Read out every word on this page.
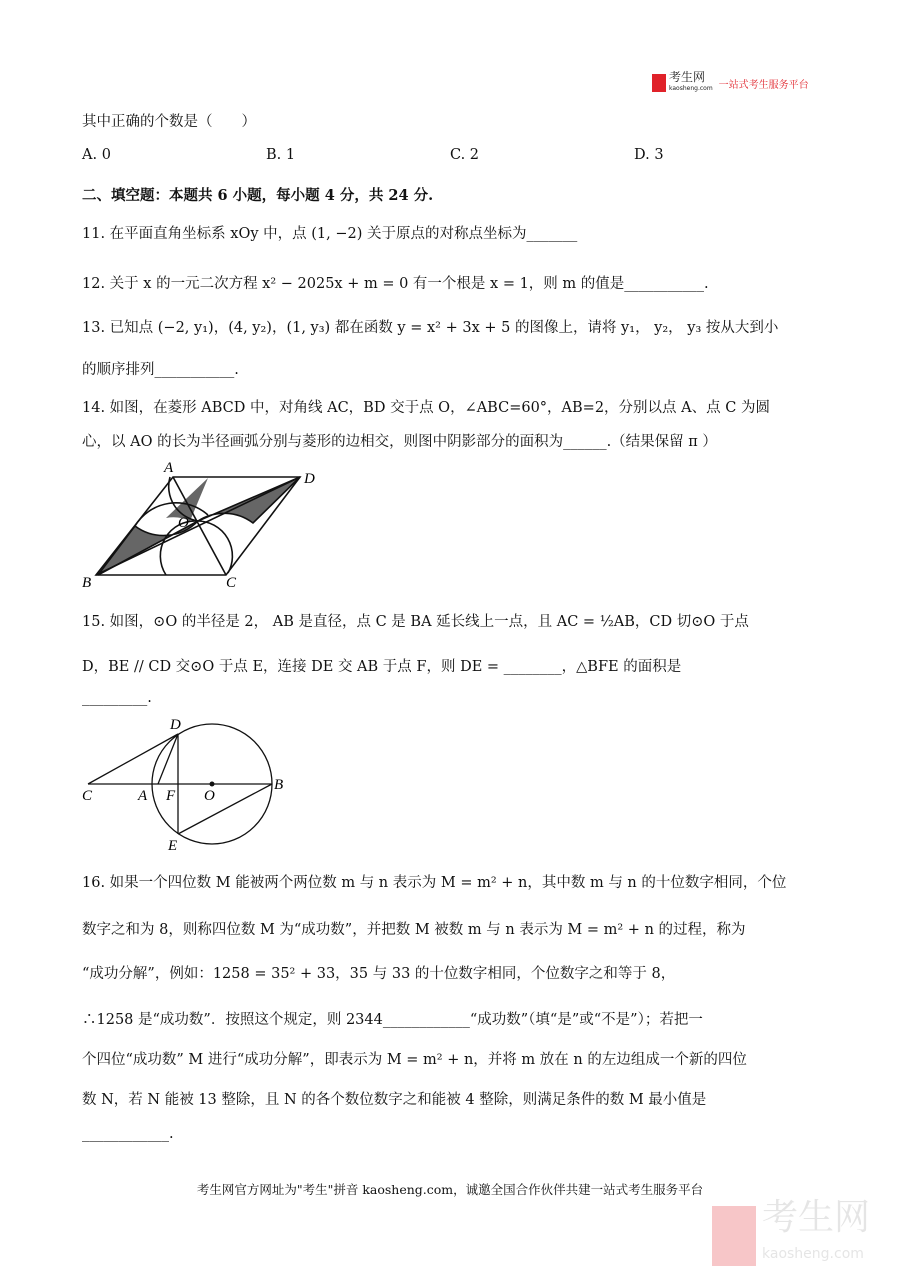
考生网
kaosheng.com 一站式考生服务平台
其中正确的个数是（　　）
A. 0	B. 1	C. 2	D. 3
二、填空题：本题共 6 小题，每小题 4 分，共 24 分.
11. 在平面直角坐标系 xOy 中，点 (1, −2) 关于原点的对称点坐标为_______
12. 关于 x 的一元二次方程 x² − 2025x + m = 0 有一个根是 x = 1，则 m 的值是___________.
13. 已知点 (−2, y₁)，(4, y₂)，(1, y₃) 都在函数 y = x² + 3x + 5 的图像上，请将 y₁， y₂， y₃ 按从大到小
的顺序排列___________.
14. 如图，在菱形 ABCD 中，对角线 AC，BD 交于点 O，∠ABC=60°，AB=2，分别以点 A、点 C 为圆
心，以 AO 的长为半径画弧分别与菱形的边相交，则图中阴影部分的面积为______.（结果保留 π ）
A
D
O
B	C
15. 如图，⊙O 的半径是 2， AB 是直径，点 C 是 BA 延长线上一点，且 AC = ½AB，CD 切⊙O 于点
D，BE // CD 交⊙O 于点 E，连接 DE 交 AB 于点 F，则 DE = ________，△BFE 的面积是
_________.
D
C	A F O
B
E
16. 如果一个四位数 M 能被两个两位数 m 与 n 表示为 M = m² + n，其中数 m 与 n 的十位数字相同，个位
数字之和为 8，则称四位数 M 为“成功数”，并把数 M 被数 m 与 n 表示为 M = m² + n 的过程，称为
“成功分解”，例如：1258 = 35² + 33，35 与 33 的十位数字相同，个位数字之和等于 8，
∴1258 是“成功数”．按照这个规定，则 2344____________“成功数”（填“是”或“不是”）；若把一
个四位“成功数” M 进行“成功分解”，即表示为 M = m² + n，并将 m 放在 n 的左边组成一个新的四位
数 N，若 N 能被 13 整除，且 N 的各个数位数字之和能被 4 整除，则满足条件的数 M 最小值是
____________.
考生网官方网址为"考生"拼音 kaosheng.com，诚邀全国合作伙伴共建一站式考生服务平台
考生网
kaosheng.com
